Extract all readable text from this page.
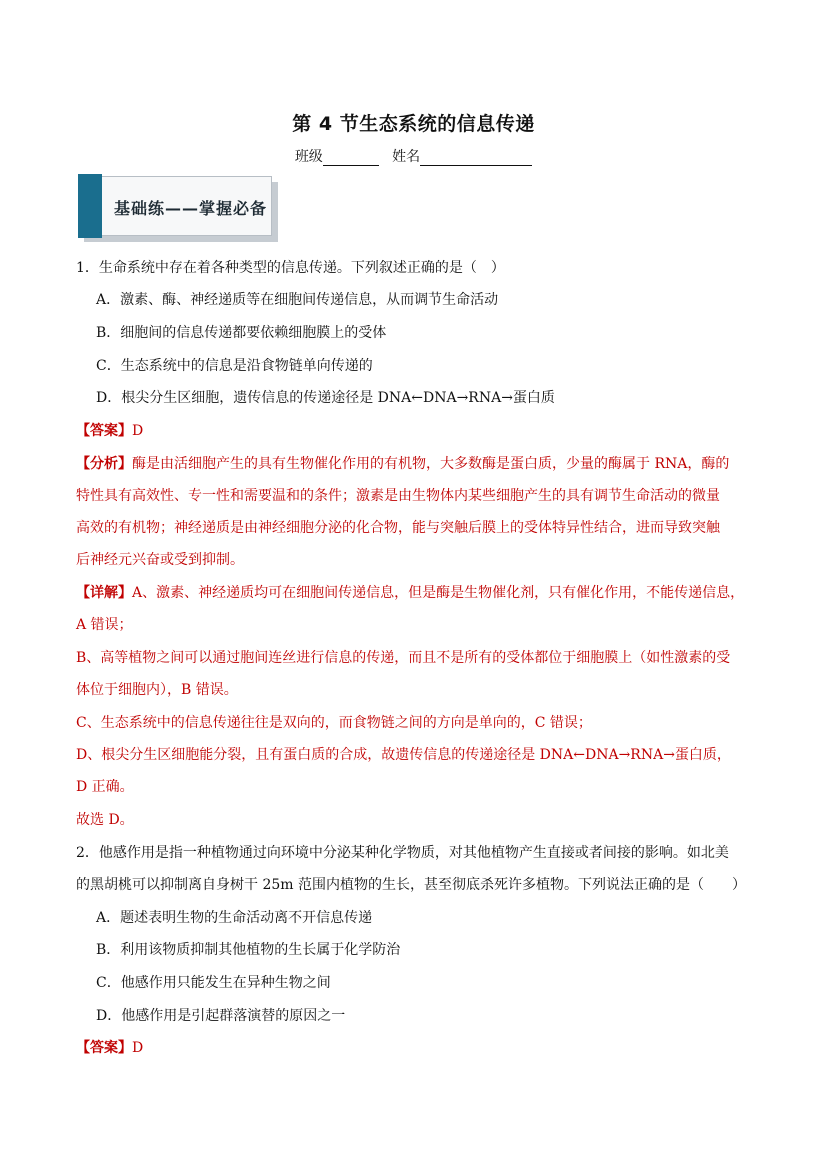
第 4 节生态系统的信息传递
班级	姓名
基础练——掌握必备
1．生命系统中存在着各种类型的信息传递。下列叙述正确的是（　）
A．激素、酶、神经递质等在细胞间传递信息，从而调节生命活动
B．细胞间的信息传递都要依赖细胞膜上的受体
C．生态系统中的信息是沿食物链单向传递的
D．根尖分生区细胞，遗传信息的传递途径是 DNA←DNA→RNA→蛋白质
【答案】D
【分析】酶是由活细胞产生的具有生物催化作用的有机物，大多数酶是蛋白质，少量的酶属于 RNA，酶的
特性具有高效性、专一性和需要温和的条件；激素是由生物体内某些细胞产生的具有调节生命活动的微量
高效的有机物；神经递质是由神经细胞分泌的化合物，能与突触后膜上的受体特异性结合，进而导致突触
后神经元兴奋或受到抑制。
【详解】A、激素、神经递质均可在细胞间传递信息，但是酶是生物催化剂，只有催化作用，不能传递信息，
A 错误；
B、高等植物之间可以通过胞间连丝进行信息的传递，而且不是所有的受体都位于细胞膜上（如性激素的受
体位于细胞内），B 错误。
C、生态系统中的信息传递往往是双向的，而食物链之间的方向是单向的，C 错误；
D、根尖分生区细胞能分裂，且有蛋白质的合成，故遗传信息的传递途径是 DNA←DNA→RNA→蛋白质，
D 正确。
故选 D。
2．他感作用是指一种植物通过向环境中分泌某种化学物质，对其他植物产生直接或者间接的影响。如北美
的黑胡桃可以抑制离自身树干 25m 范围内植物的生长，甚至彻底杀死许多植物。下列说法正确的是（　　）
A．题述表明生物的生命活动离不开信息传递
B．利用该物质抑制其他植物的生长属于化学防治
C．他感作用只能发生在异种生物之间
D．他感作用是引起群落演替的原因之一
【答案】D
